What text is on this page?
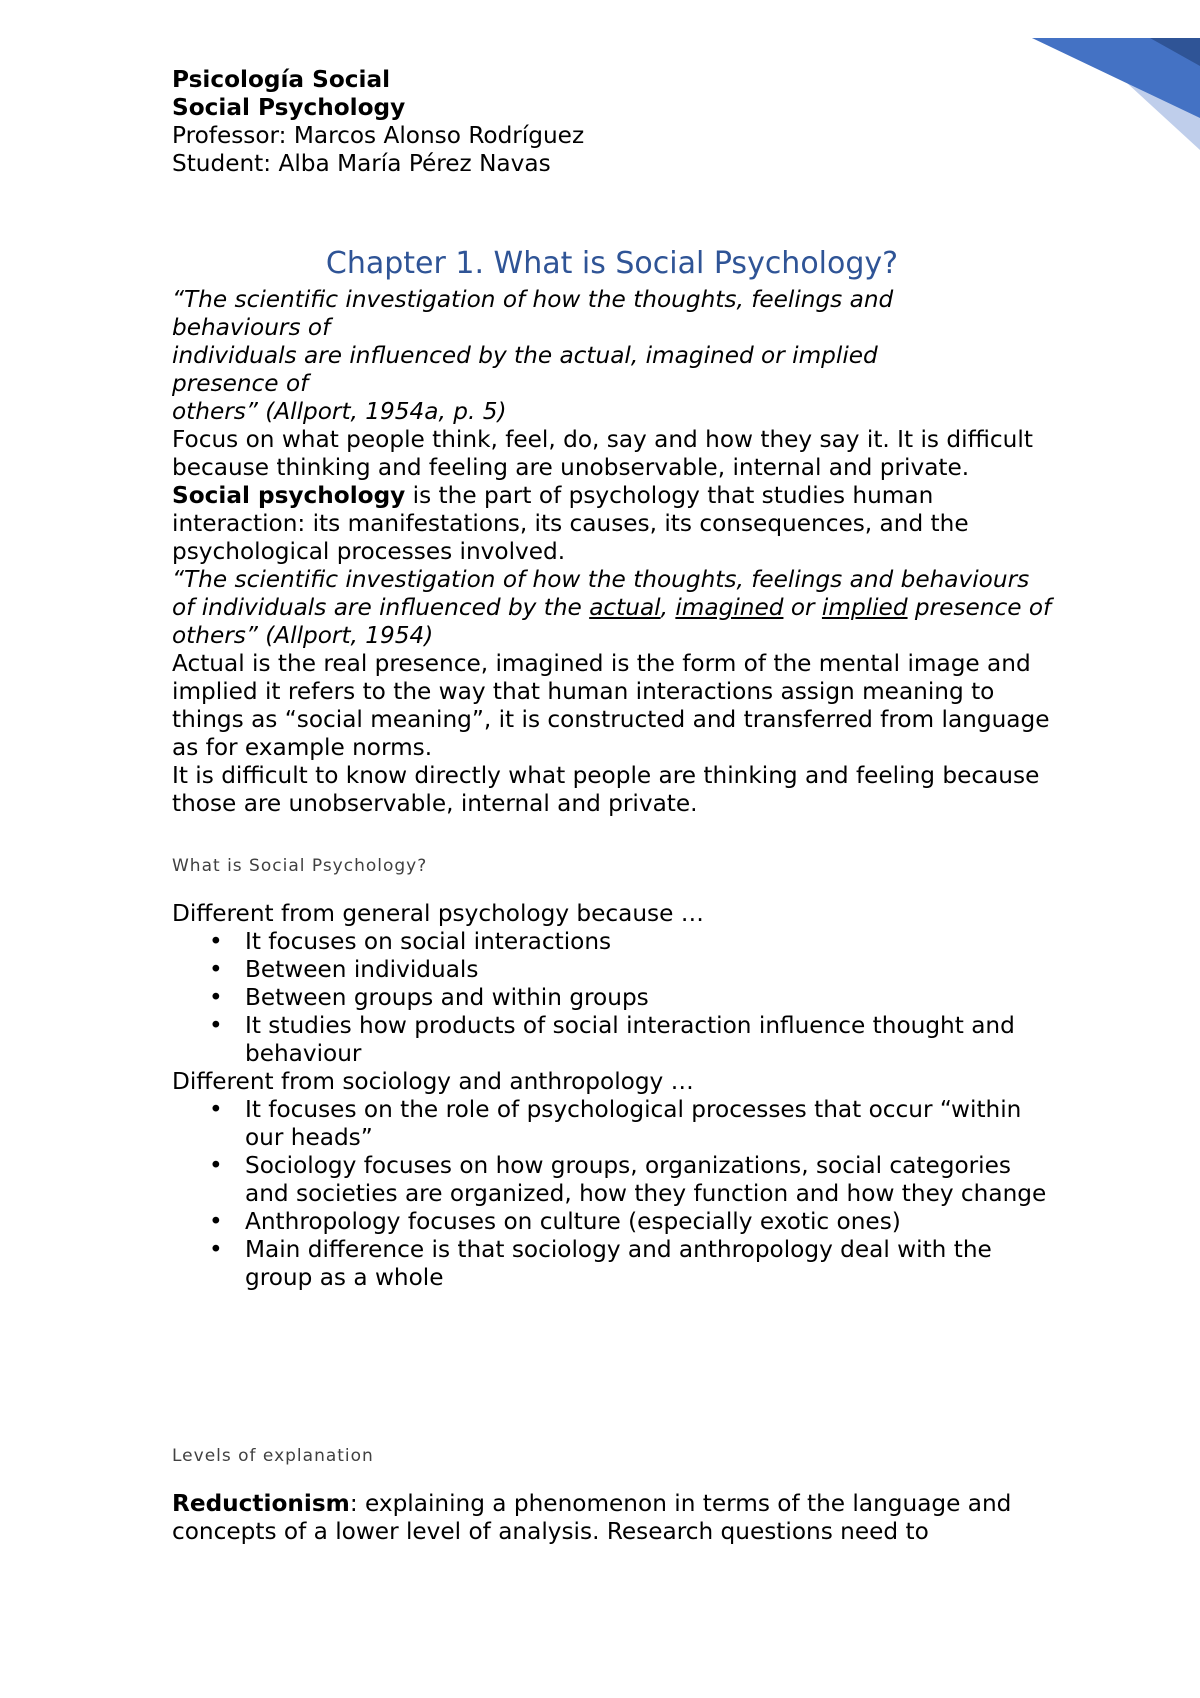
Psicología Social

Social Psychology

Professor: Marcos Alonso Rodríguez

Student: Alba María Pérez Navas

Chapter 1. What is Social Psychology?

“The scientific investigation of how the thoughts, feelings and

behaviours of

individuals are influenced by the actual, imagined or implied

presence of

others” (Allport, 1954a, p. 5)

Focus on what people think, feel, do, say and how they say it. It is difficult because thinking and feeling are unobservable, internal and private.

Social psychology is the part of psychology that studies human interaction: its manifestations, its causes, its consequences, and the psychological processes involved.

“The scientific investigation of how the thoughts, feelings and behaviours of individuals are influenced by the actual, imagined or implied presence of others” (Allport, 1954)

Actual is the real presence, imagined is the form of the mental image and implied it refers to the way that human interactions assign meaning to things as “social meaning”, it is constructed and transferred from language as for example norms.

It is difficult to know directly what people are thinking and feeling because those are unobservable, internal and private.

What is Social Psychology?

Different from general psychology because …

• It focuses on social interactions
• Between individuals
• Between groups and within groups
• It studies how products of social interaction influence thought and behaviour

Different from sociology and anthropology …

• It focuses on the role of psychological processes that occur “within our heads”
• Sociology focuses on how groups, organizations, social categories and societies are organized, how they function and how they change
• Anthropology focuses on culture (especially exotic ones)
• Main difference is that sociology and anthropology deal with the group as a whole

Levels of explanation

Reductionism: explaining a phenomenon in terms of the language and concepts of a lower level of analysis. Research questions need to
